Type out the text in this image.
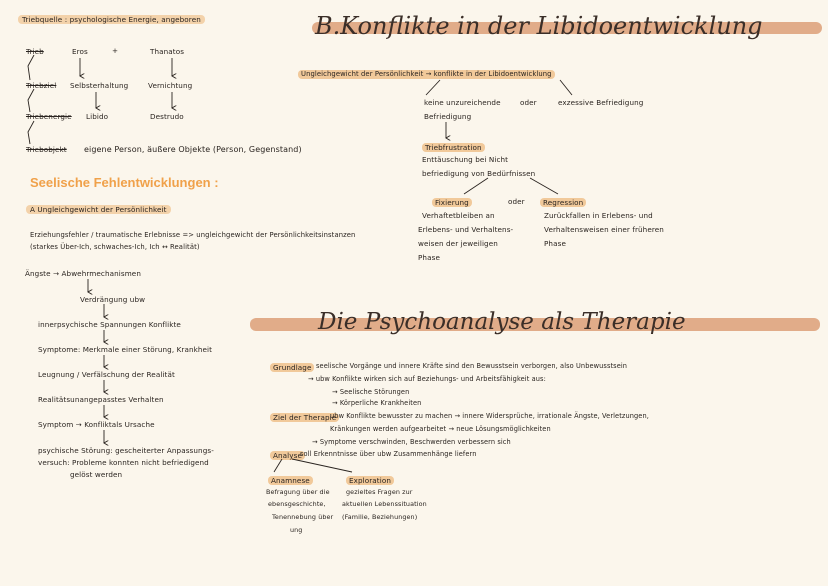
Triebquelle : psychologische Energie, angeboren
Trieb	Eros	+	Thanatos
Triebziel Selbsterhaltung	Vernichtung
Triebenergie Libido	Destrudo
Triebobjekt eigene Person, äußere Objekte (Person, Gegenstand)
Seelische Fehlentwicklungen :
A Ungleichgewicht der Persönlichkeit
Erziehungsfehler / traumatische Erlebnisse => ungleichgewicht der Persönlichkeitsinstanzen
(starkes Über-Ich, schwaches-Ich, Ich ↔ Realität)
Ängste → Abwehrmechanismen
Verdrängung ubw
innerpsychische Spannungen Konflikte
Symptome: Merkmale einer Störung, Krankheit
Leugnung / Verfälschung der Realität
Realitätsunangepasstes Verhalten
Symptom → Konfliktals Ursache
psychische Störung: gescheiterter Anpassungs-
versuch: Probleme konnten nicht befriedigend
gelöst werden
B.Konflikte in der Libidoentwicklung
Ungleichgewicht der Persönlichkeit → konflikte in der Libidoentwicklung
keine unzureichende
Befriedigung
oder	exzessive Befriedigung
Triebfrustration
Enttäuschung bei Nicht
befriedigung von Bedürfnissen
Fixierung	oder	Regression
Verhaftetbleiben an
Erlebens- und Verhaltens-
weisen der jeweiligen
Phase
Zurückfallen in Erlebens- und
Verhaltensweisen einer früheren
Phase
Die Psychoanalyse als Therapie
Grundlage seelische Vorgänge und innere Kräfte sind den Bewusstsein verborgen, also Unbewusstsein
→ ubw Konflikte wirken sich auf Beziehungs- und Arbeitsfähigkeit aus:
→ Seelische Störungen
→ Körperliche Krankheiten
Ziel der Therapie
ubw Konflikte bewusster zu machen → innere Widersprüche, irrationale Ängste, Verletzungen,
Kränkungen werden aufgearbeitet → neue Lösungsmöglichkeiten
→ Symptome verschwinden, Beschwerden verbessern sich
Analyse
soll Erkenntnisse über ubw Zusammenhänge liefern
Anamnese
Befragung über die
ebensgeschichte,
Tenennebung über
ung
Exploration
gezieltes Fragen zur
aktuellen Lebenssituation
(Familie, Beziehungen)
